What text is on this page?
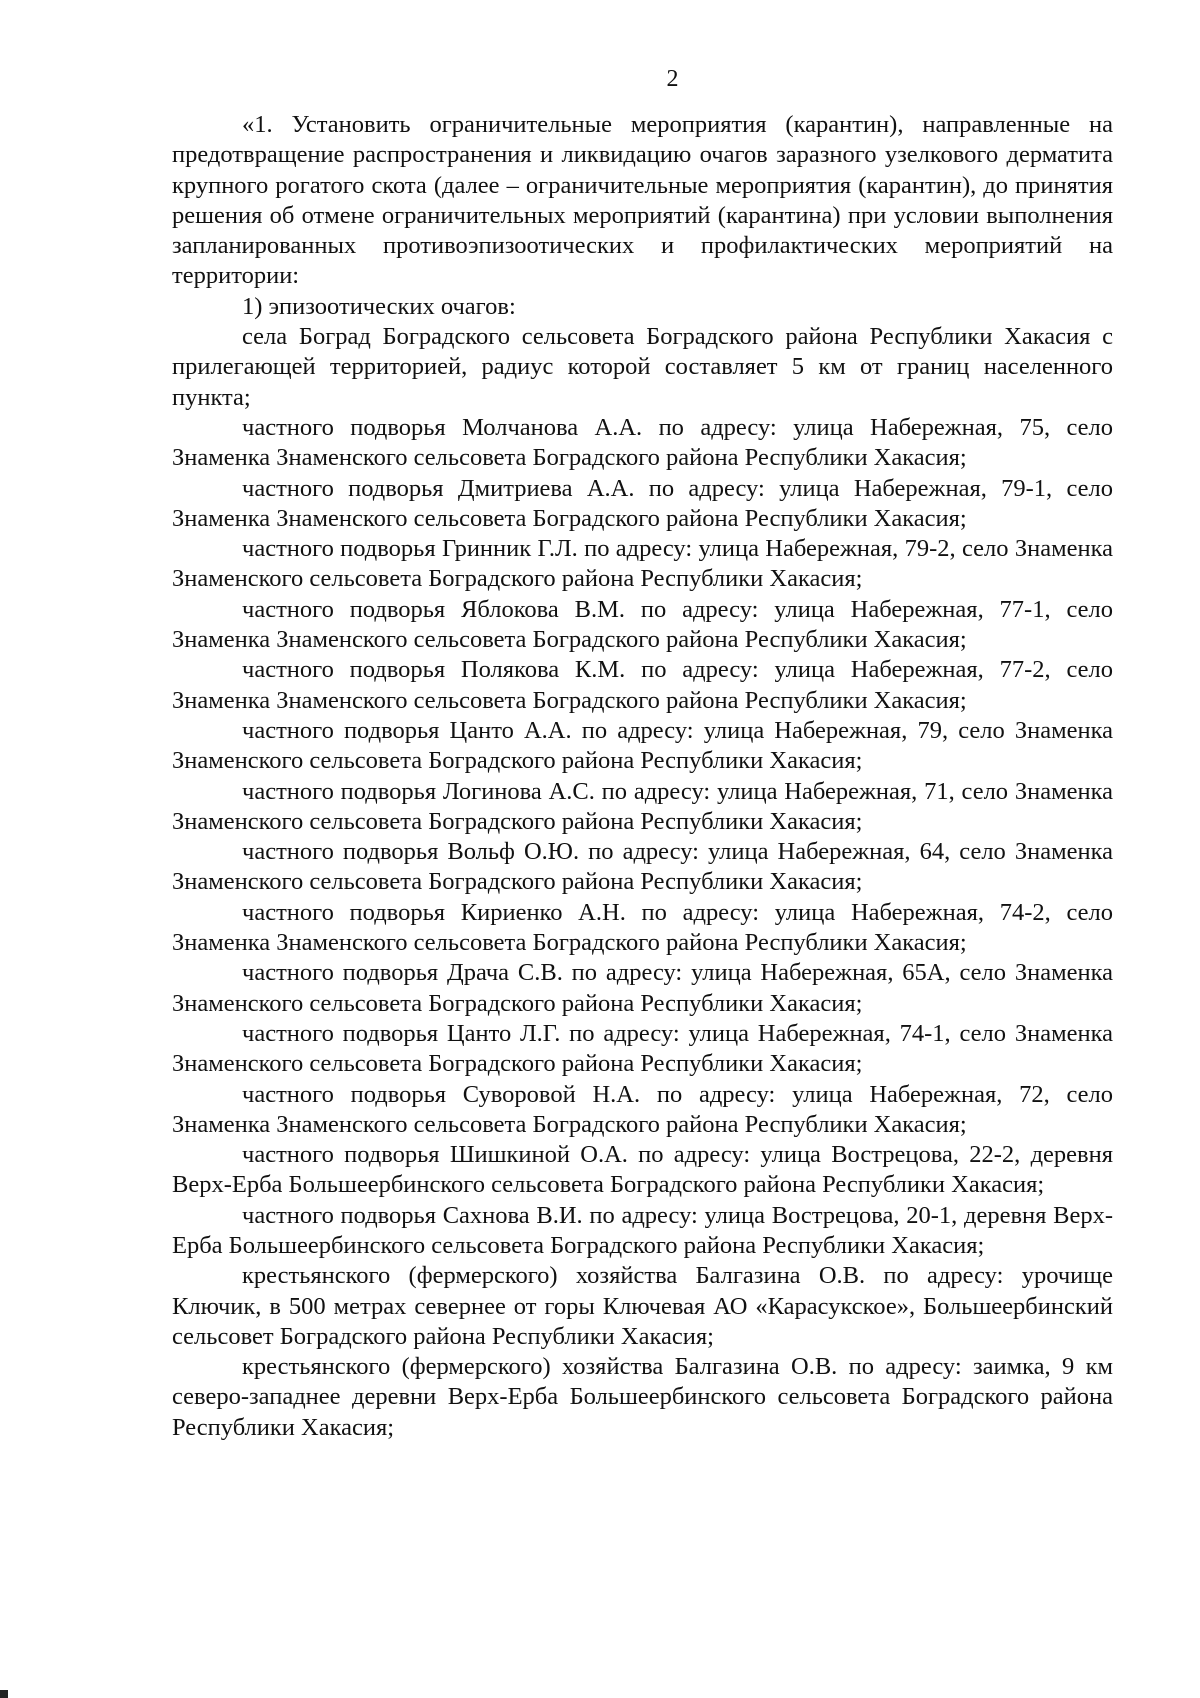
2

«1. Установить ограничительные мероприятия (карантин), направленные на предотвращение распространения и ликвидацию очагов заразного узелкового дерматита крупного рогатого скота (далее – ограничительные мероприятия (карантин), до принятия решения об отмене ограничительных мероприятий (карантина) при условии выполнения запланированных противоэпизоотических и профилактических мероприятий на территории:

1) эпизоотических очагов:

села Боград Боградского сельсовета Боградского района Республики Хакасия с прилегающей территорией, радиус которой составляет 5 км от границ населенного пункта;

частного подворья Молчанова А.А. по адресу: улица Набережная, 75, село Знаменка Знаменского сельсовета Боградского района Республики Хакасия;

частного подворья Дмитриева А.А. по адресу: улица Набережная, 79-1, село Знаменка Знаменского сельсовета Боградского района Республики Хакасия;

частного подворья Гринник Г.Л. по адресу: улица Набережная, 79-2, село Знаменка Знаменского сельсовета Боградского района Республики Хакасия;

частного подворья Яблокова В.М. по адресу: улица Набережная, 77-1, село Знаменка Знаменского сельсовета Боградского района Республики Хакасия;

частного подворья Полякова К.М. по адресу: улица Набережная, 77-2, село Знаменка Знаменского сельсовета Боградского района Республики Хакасия;

частного подворья Цанто А.А. по адресу: улица Набережная, 79, село Знаменка Знаменского сельсовета Боградского района Республики Хакасия;

частного подворья Логинова А.С. по адресу: улица Набережная, 71, село Знаменка Знаменского сельсовета Боградского района Республики Хакасия;

частного подворья Вольф О.Ю. по адресу: улица Набережная, 64, село Знаменка Знаменского сельсовета Боградского района Республики Хакасия;

частного подворья Кириенко А.Н. по адресу: улица Набережная, 74-2, село Знаменка Знаменского сельсовета Боградского района Республики Хакасия;

частного подворья Драча С.В. по адресу: улица Набережная, 65А, село Знаменка Знаменского сельсовета Боградского района Республики Хакасия;

частного подворья Цанто Л.Г. по адресу: улица Набережная, 74-1, село Знаменка Знаменского сельсовета Боградского района Республики Хакасия;

частного подворья Суворовой Н.А. по адресу: улица Набережная, 72, село Знаменка Знаменского сельсовета Боградского района Республики Хакасия;

частного подворья Шишкиной О.А. по адресу: улица Вострецова, 22-2, деревня Верх-Ерба Большеербинского сельсовета Боградского района Республики Хакасия;

частного подворья Сахнова В.И. по адресу: улица Вострецова, 20-1, деревня Верх-Ерба Большеербинского сельсовета Боградского района Республики Хакасия;

крестьянского (фермерского) хозяйства Балгазина О.В. по адресу: урочище Ключик, в 500 метрах севернее от горы Ключевая АО «Карасукское», Большеербинский сельсовет Боградского района Республики Хакасия;

крестьянского (фермерского) хозяйства Балгазина О.В. по адресу: заимка, 9 км северо-западнее деревни Верх-Ерба Большеербинского сельсовета Боградского района Республики Хакасия;
